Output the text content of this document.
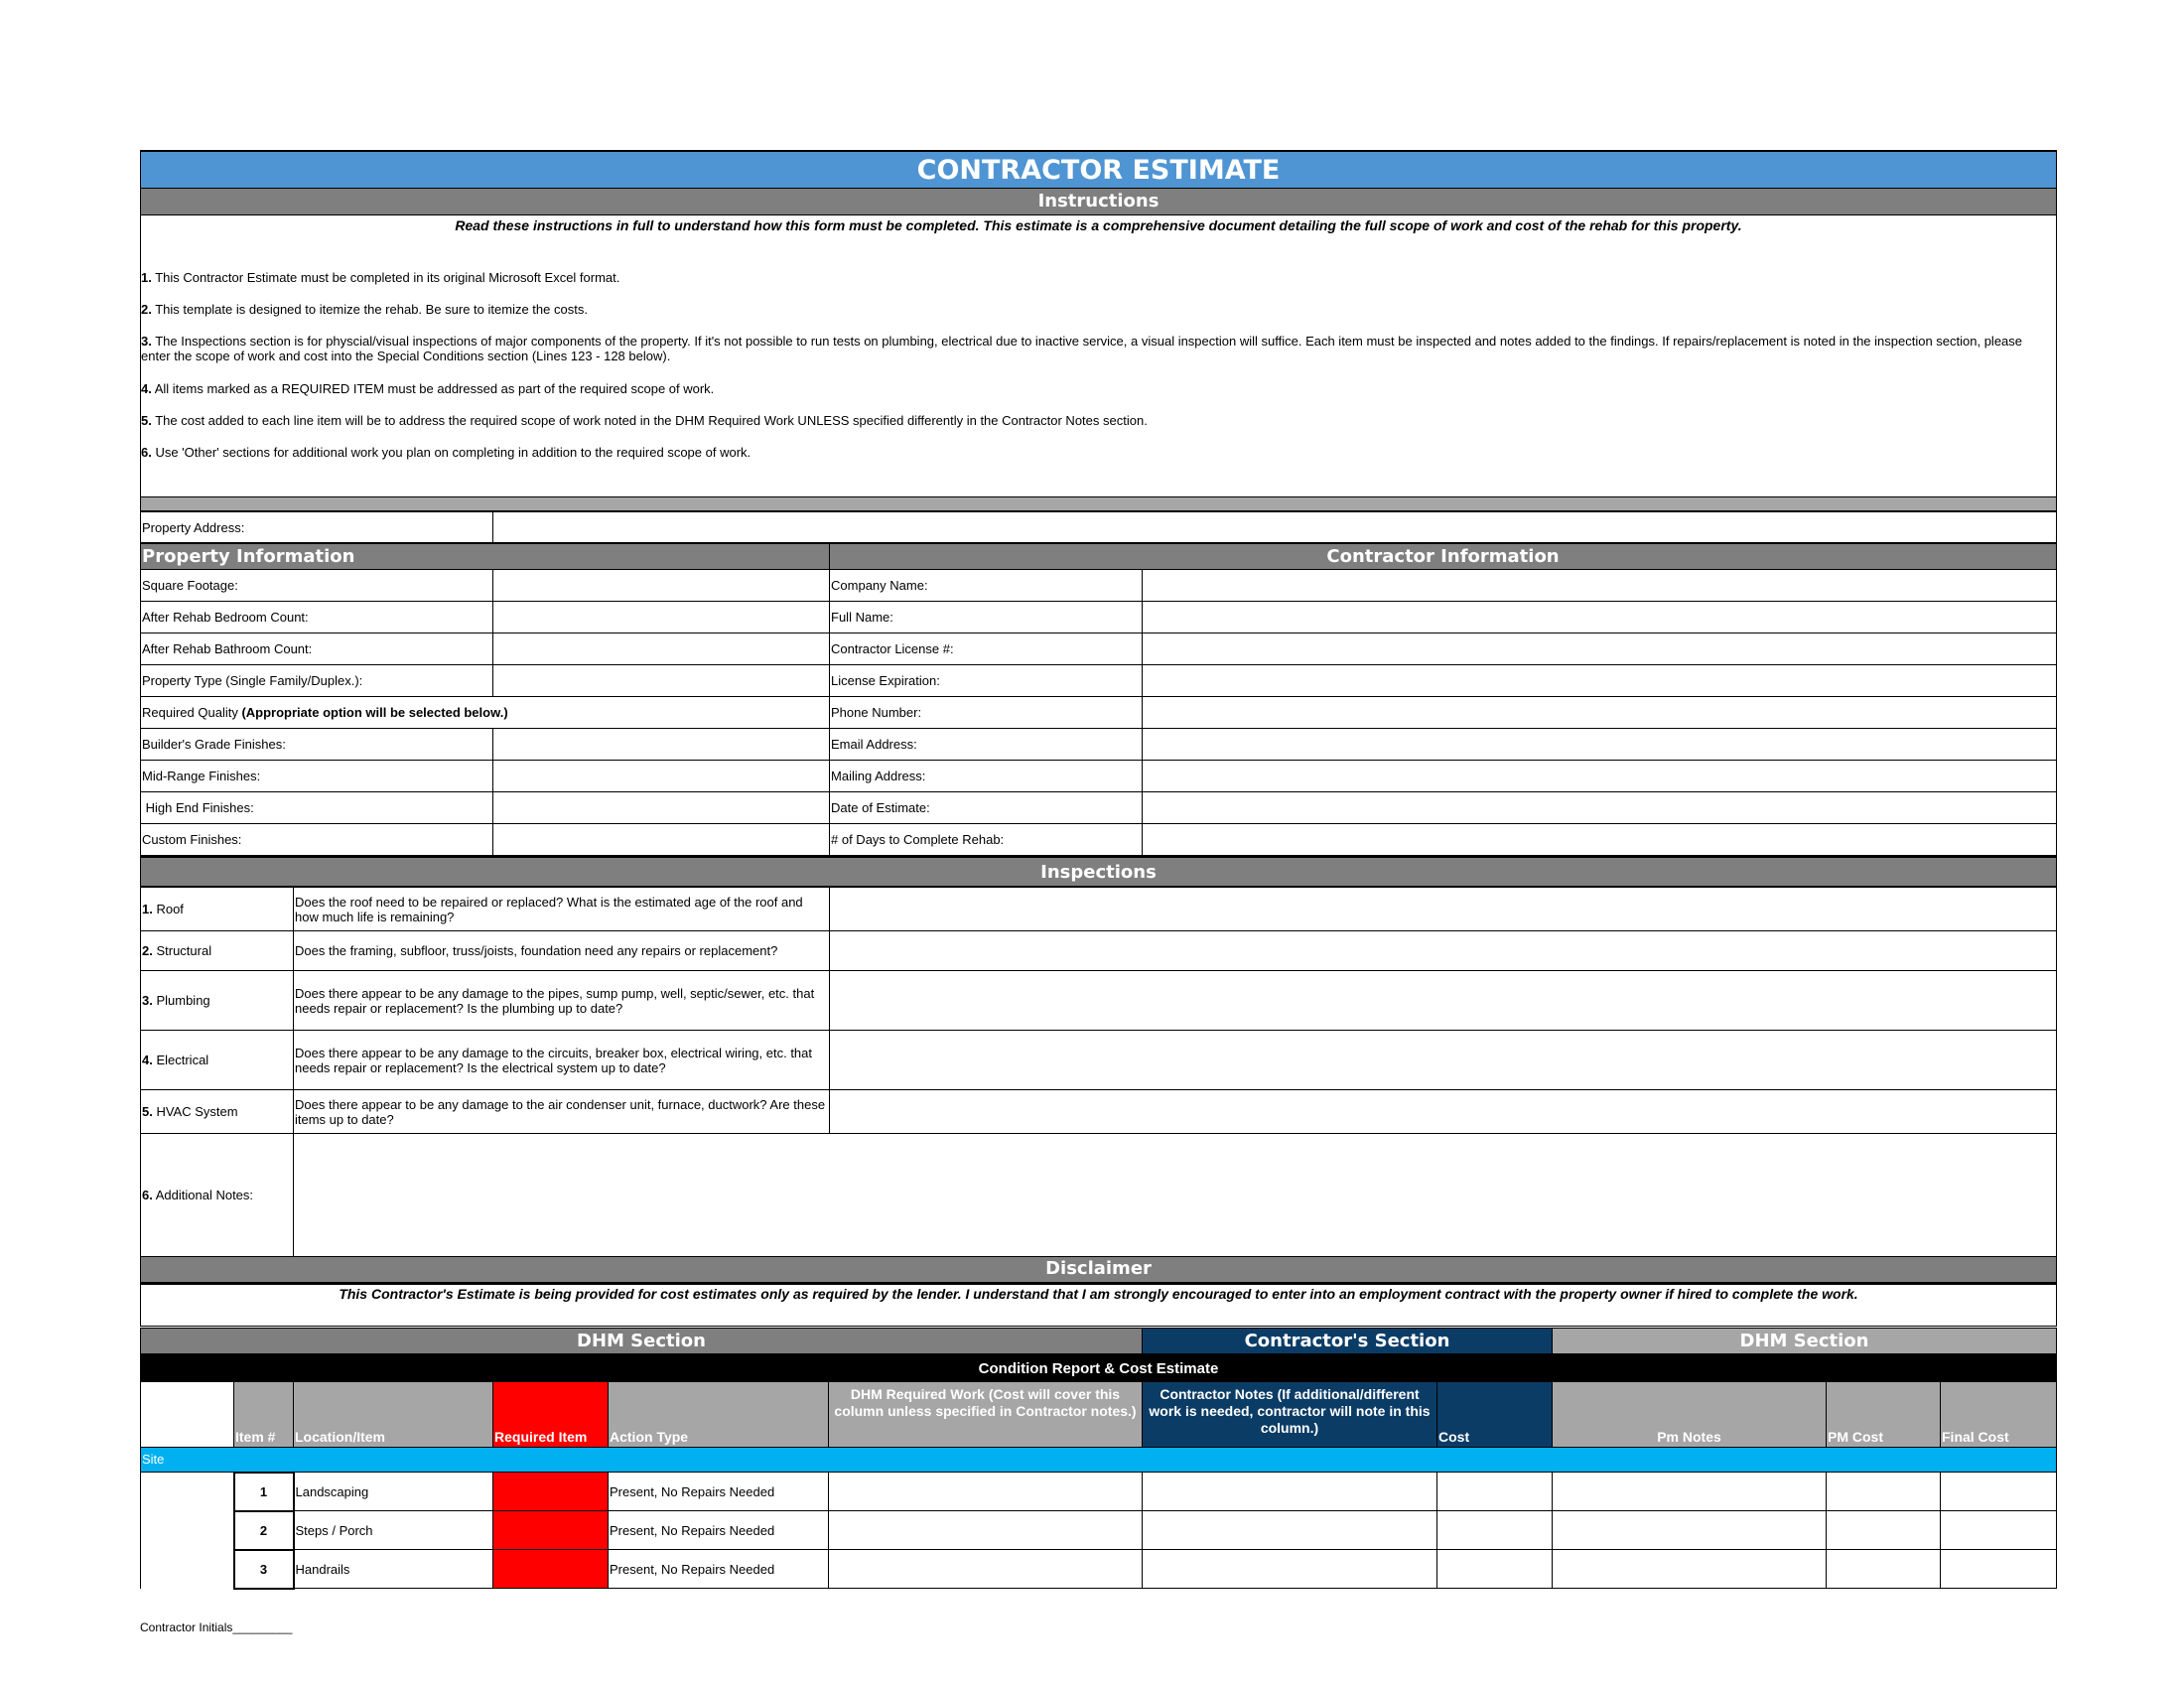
CONTRACTOR ESTIMATE
Instructions
Read these instructions in full to understand how this form must be completed. This estimate is a comprehensive document detailing the full scope of work and cost of the rehab for this property.
1. This Contractor Estimate must be completed in its original Microsoft Excel format.
2. This template is designed to itemize the rehab. Be sure to itemize the costs.
3. The Inspections section is for physcial/visual inspections of major components of the property. If it's not possible to run tests on plumbing, electrical due to inactive service, a visual inspection will suffice. Each item must be inspected and notes added to the findings. If repairs/replacement is noted in the inspection section, please enter the scope of work and cost into the Special Conditions section (Lines 123 - 128 below).
4. All items marked as a REQUIRED ITEM must be addressed as part of the required scope of work.
5. The cost added to each line item will be to address the required scope of work noted in the DHM Required Work UNLESS specified differently in the Contractor Notes section.
6. Use 'Other' sections for additional work you plan on completing in addition to the required scope of work.
Property Address:	
Property Information		Contractor Information	
Square Footage:		Company Name:	
After Rehab Bedroom Count:		Full Name:	
After Rehab Bathroom Count:		Contractor License #:	
Property Type (Single Family/Duplex.):		License Expiration:	
Required Quality (Appropriate option will be selected below.)		Phone Number:	
Builder's Grade Finishes:		Email Address:	
Mid-Range Finishes:		Mailing Address:	
High End Finishes:		Date of Estimate:	
Custom Finishes:		# of Days to Complete Rehab:	
Inspections
1. Roof	Does the roof need to be repaired or replaced? What is the estimated age of the roof and how much life is remaining?	
2. Structural	Does the framing, subfloor, truss/joists, foundation need any repairs or replacement?	
3. Plumbing	Does there appear to be any damage to the pipes, sump pump, well, septic/sewer, etc. that needs repair or replacement? Is the plumbing up to date?	
4. Electrical	Does there appear to be any damage to the circuits, breaker box, electrical wiring, etc. that needs repair or replacement? Is the electrical system up to date?	
5. HVAC System	Does there appear to be any damage to the air condenser unit, furnace, ductwork? Are these items up to date?	
6. Additional Notes:		
Disclaimer
This Contractor's Estimate is being provided for cost estimates only as required by the lender. I understand that I am strongly encouraged to enter into an employment contract with the property owner if hired to complete the work.
DHM Section	Contractor's Section	DHM Section
Condition Report & Cost Estimate
	Item #	Location/Item	Required Item	Action Type	DHM Required Work (Cost will cover this column unless specified in Contractor notes.)	Contractor Notes (If additional/different work is needed, contractor will note in this column.)	Cost	Pm Notes	PM Cost	Final Cost
Site										
	1	Landscaping		Present, No Repairs Needed						
	2	Steps / Porch		Present, No Repairs Needed						
	3	Handrails		Present, No Repairs Needed						
Contractor Initials_________
